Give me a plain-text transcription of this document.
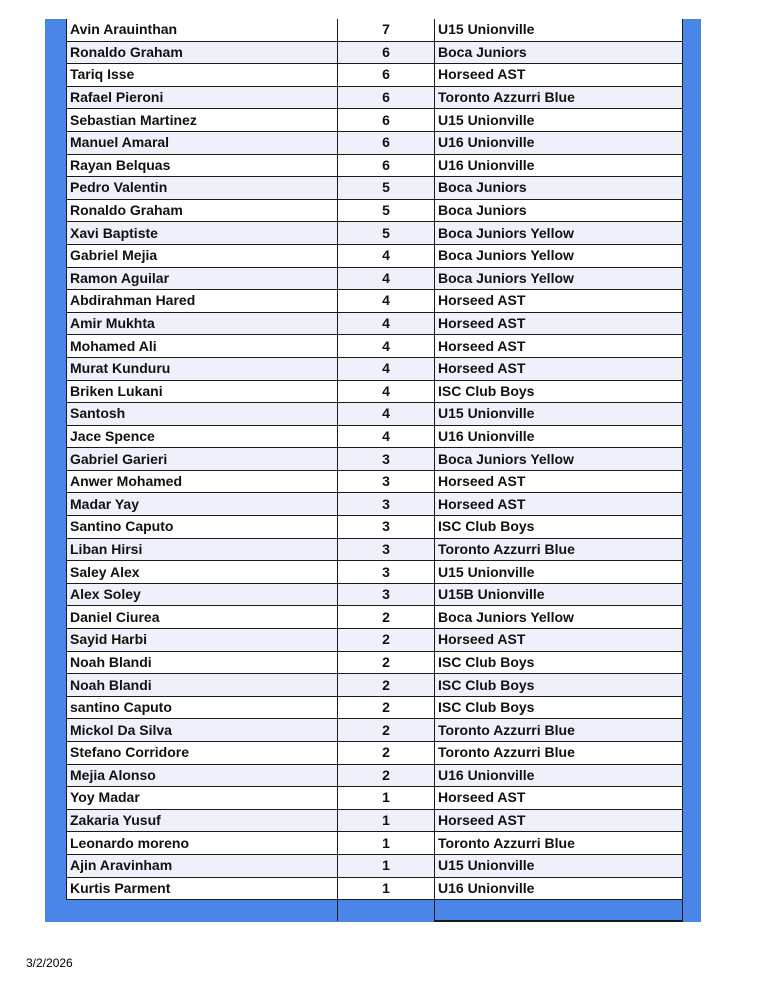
Avin Arauinthan	7	U15 Unionville
Ronaldo Graham	6	Boca Juniors
Tariq Isse	6	Horseed AST
Rafael Pieroni	6	Toronto Azzurri Blue
Sebastian Martinez	6	U15 Unionville
Manuel Amaral	6	U16 Unionville
Rayan Belquas	6	U16 Unionville
Pedro Valentin	5	Boca Juniors
Ronaldo Graham	5	Boca Juniors
Xavi Baptiste	5	Boca Juniors Yellow
Gabriel Mejia	4	Boca Juniors Yellow
Ramon Aguilar	4	Boca Juniors Yellow
Abdirahman Hared	4	Horseed AST
Amir Mukhta	4	Horseed AST
Mohamed Ali	4	Horseed AST
Murat Kunduru	4	Horseed AST
Briken Lukani	4	ISC Club Boys
Santosh	4	U15 Unionville
Jace Spence	4	U16 Unionville
Gabriel Garieri	3	Boca Juniors Yellow
Anwer Mohamed	3	Horseed AST
Madar Yay	3	Horseed AST
Santino Caputo	3	ISC Club Boys
Liban Hirsi	3	Toronto Azzurri Blue
Saley Alex	3	U15 Unionville
Alex Soley	3	U15B Unionville
Daniel Ciurea	2	Boca Juniors Yellow
Sayid Harbi	2	Horseed AST
Noah Blandi	2	ISC Club Boys
Noah Blandi	2	ISC Club Boys
santino Caputo	2	ISC Club Boys
Mickol Da Silva	2	Toronto Azzurri Blue
Stefano Corridore	2	Toronto Azzurri Blue
Mejia Alonso	2	U16 Unionville
Yoy Madar	1	Horseed AST
Zakaria Yusuf	1	Horseed AST
Leonardo moreno	1	Toronto Azzurri Blue
Ajin Aravinham	1	U15 Unionville
Kurtis Parment	1	U16 Unionville

3/2/2026
